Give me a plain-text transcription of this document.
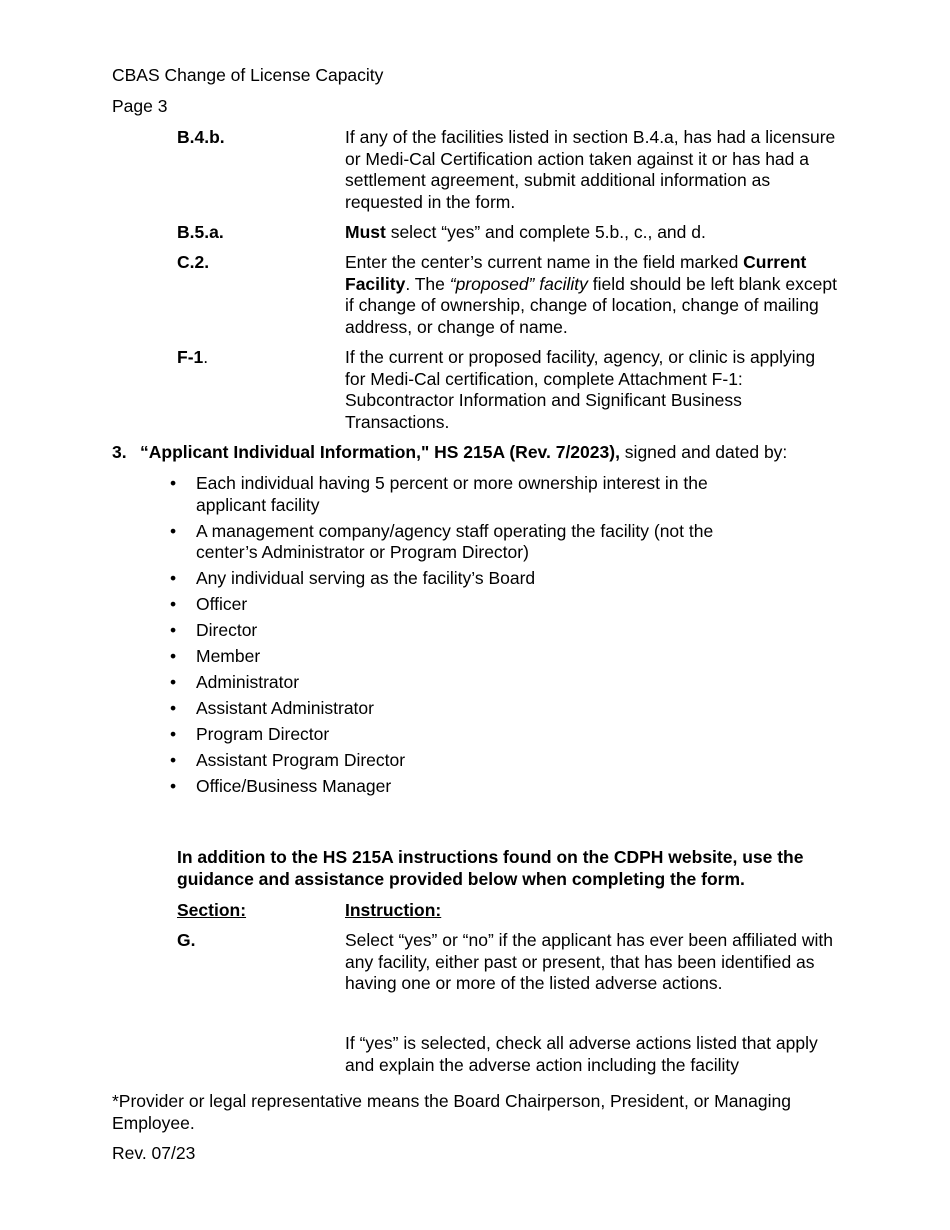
CBAS Change of License Capacity
Page 3
B.4.b.	If any of the facilities listed in section B.4.a, has had a licensure or Medi-Cal Certification action taken against it or has had a settlement agreement, submit additional information as requested in the form.
B.5.a.	Must select “yes” and complete 5.b., c., and d.
C.2.	Enter the center’s current name in the field marked Current Facility. The “proposed” facility field should be left blank except if change of ownership, change of location, change of mailing address, or change of name.
F-1.	If the current or proposed facility, agency, or clinic is applying for Medi-Cal certification, complete Attachment F-1: Subcontractor Information and Significant Business Transactions.
3. “Applicant Individual Information," HS 215A (Rev. 7/2023), signed and dated by:
• Each individual having 5 percent or more ownership interest in the applicant facility
• A management company/agency staff operating the facility (not the center’s Administrator or Program Director)
• Any individual serving as the facility’s Board
• Officer
• Director
• Member
• Administrator
• Assistant Administrator
• Program Director
• Assistant Program Director
• Office/Business Manager
In addition to the HS 215A instructions found on the CDPH website, use the guidance and assistance provided below when completing the form.
Section:	Instruction:
G.	Select “yes” or “no” if the applicant has ever been affiliated with any facility, either past or present, that has been identified as having one or more of the listed adverse actions.
If “yes” is selected, check all adverse actions listed that apply and explain the adverse action including the facility
*Provider or legal representative means the Board Chairperson, President, or Managing Employee.
Rev. 07/23
